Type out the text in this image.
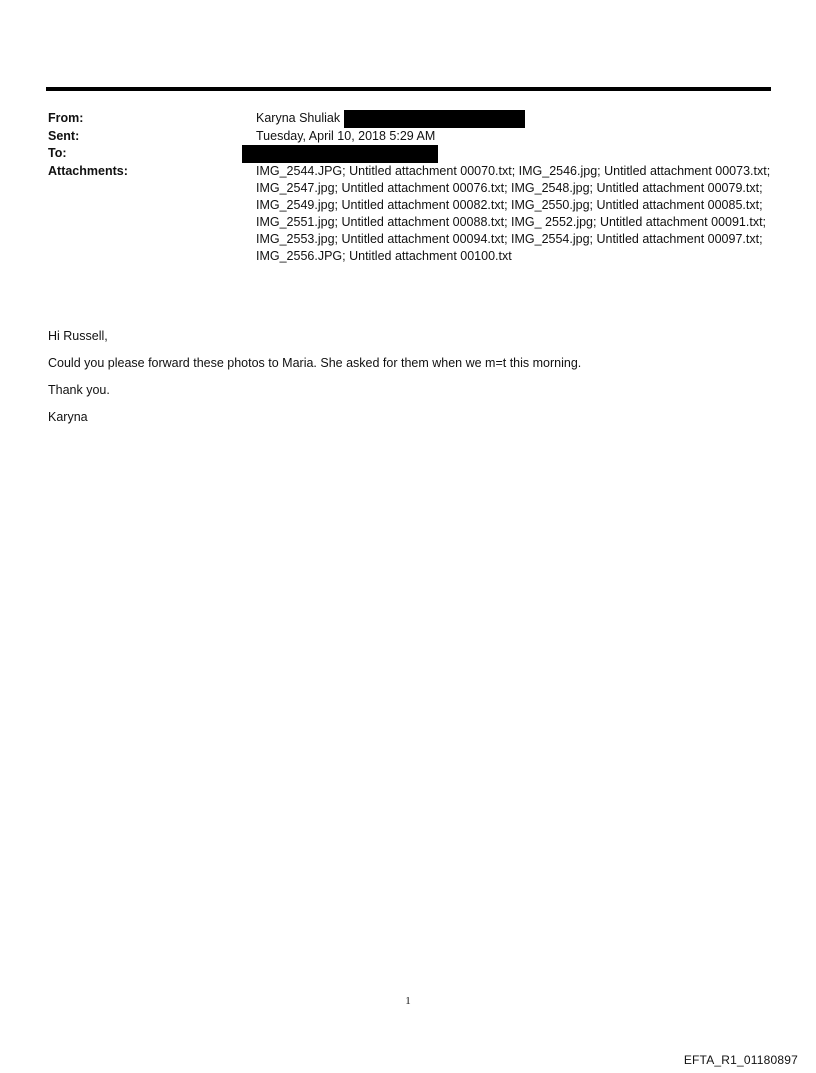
From:	Karyna Shuliak
Sent:	Tuesday, April 10, 2018 5:29 AM
To:
Attachments:	IMG_2544.JPG; Untitled attachment 00070.txt; IMG_2546.jpg; Untitled attachment 00073.txt; IMG_2547.jpg; Untitled attachment 00076.txt; IMG_2548.jpg; Untitled attachment 00079.txt; IMG_2549.jpg; Untitled attachment 00082.txt; IMG_2550.jpg; Untitled attachment 00085.txt; IMG_2551.jpg; Untitled attachment 00088.txt; IMG_ 2552.jpg; Untitled attachment 00091.txt; IMG_2553.jpg; Untitled attachment 00094.txt; IMG_2554.jpg; Untitled attachment 00097.txt; IMG_2556.JPG; Untitled attachment 00100.txt

Hi Russell,

Could you please forward these photos to Maria. She asked for them when we m=t this morning.

Thank you.

Karyna

1
EFTA_R1_01180897
